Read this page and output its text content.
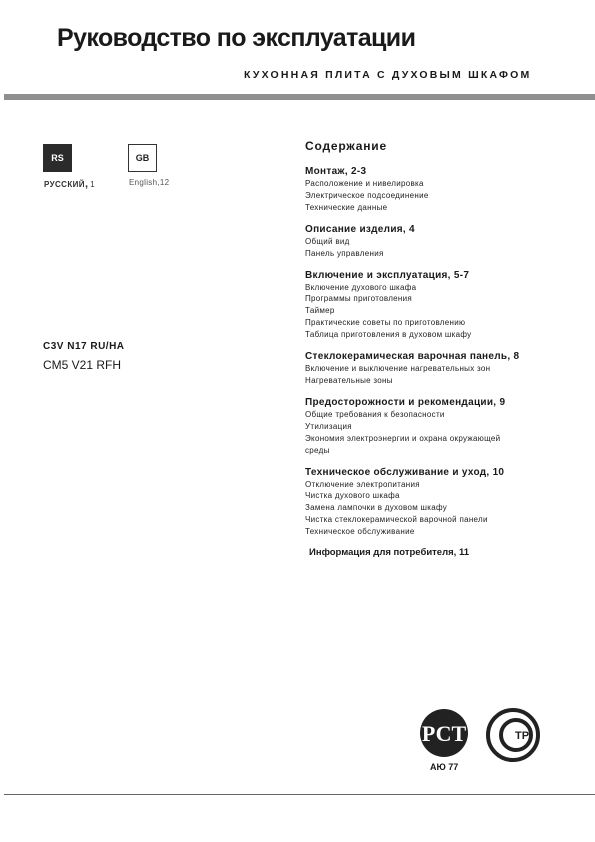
Руководство по эксплуатации
КУХОННАЯ ПЛИТА С ДУХОВЫМ ШКАФОМ
RS	GB
РУССКИЙ, 1	English,12
C3V N17 RU/HA
CM5 V21 RFH
Содержание
Монтаж, 2-3
Расположение и нивелировка
Электрическое подсоединение
Технические данные
Описание изделия, 4
Общий вид
Панель управления
Включение и эксплуатация, 5-7
Включение духового шкафа
Программы приготовления
Таймер
Практические советы по приготовлению
Таблица приготовления в духовом шкафу
Стеклокерамическая варочная панель, 8
Включение и выключение нагревательных зон
Нагревательные зоны
Предосторожности и рекомендации, 9
Общие требования к безопасности
Утилизация
Экономия электроэнергии и охрана окружающей
среды
Техническое обслуживание и уход, 10
Отключение электропитания
Чистка духового шкафа
Замена лампочки в духовом шкафу
Чистка стеклокерамической варочной панели
Техническое обслуживание
Информация для потребителя, 11
РСТ	ТР
АЮ 77
